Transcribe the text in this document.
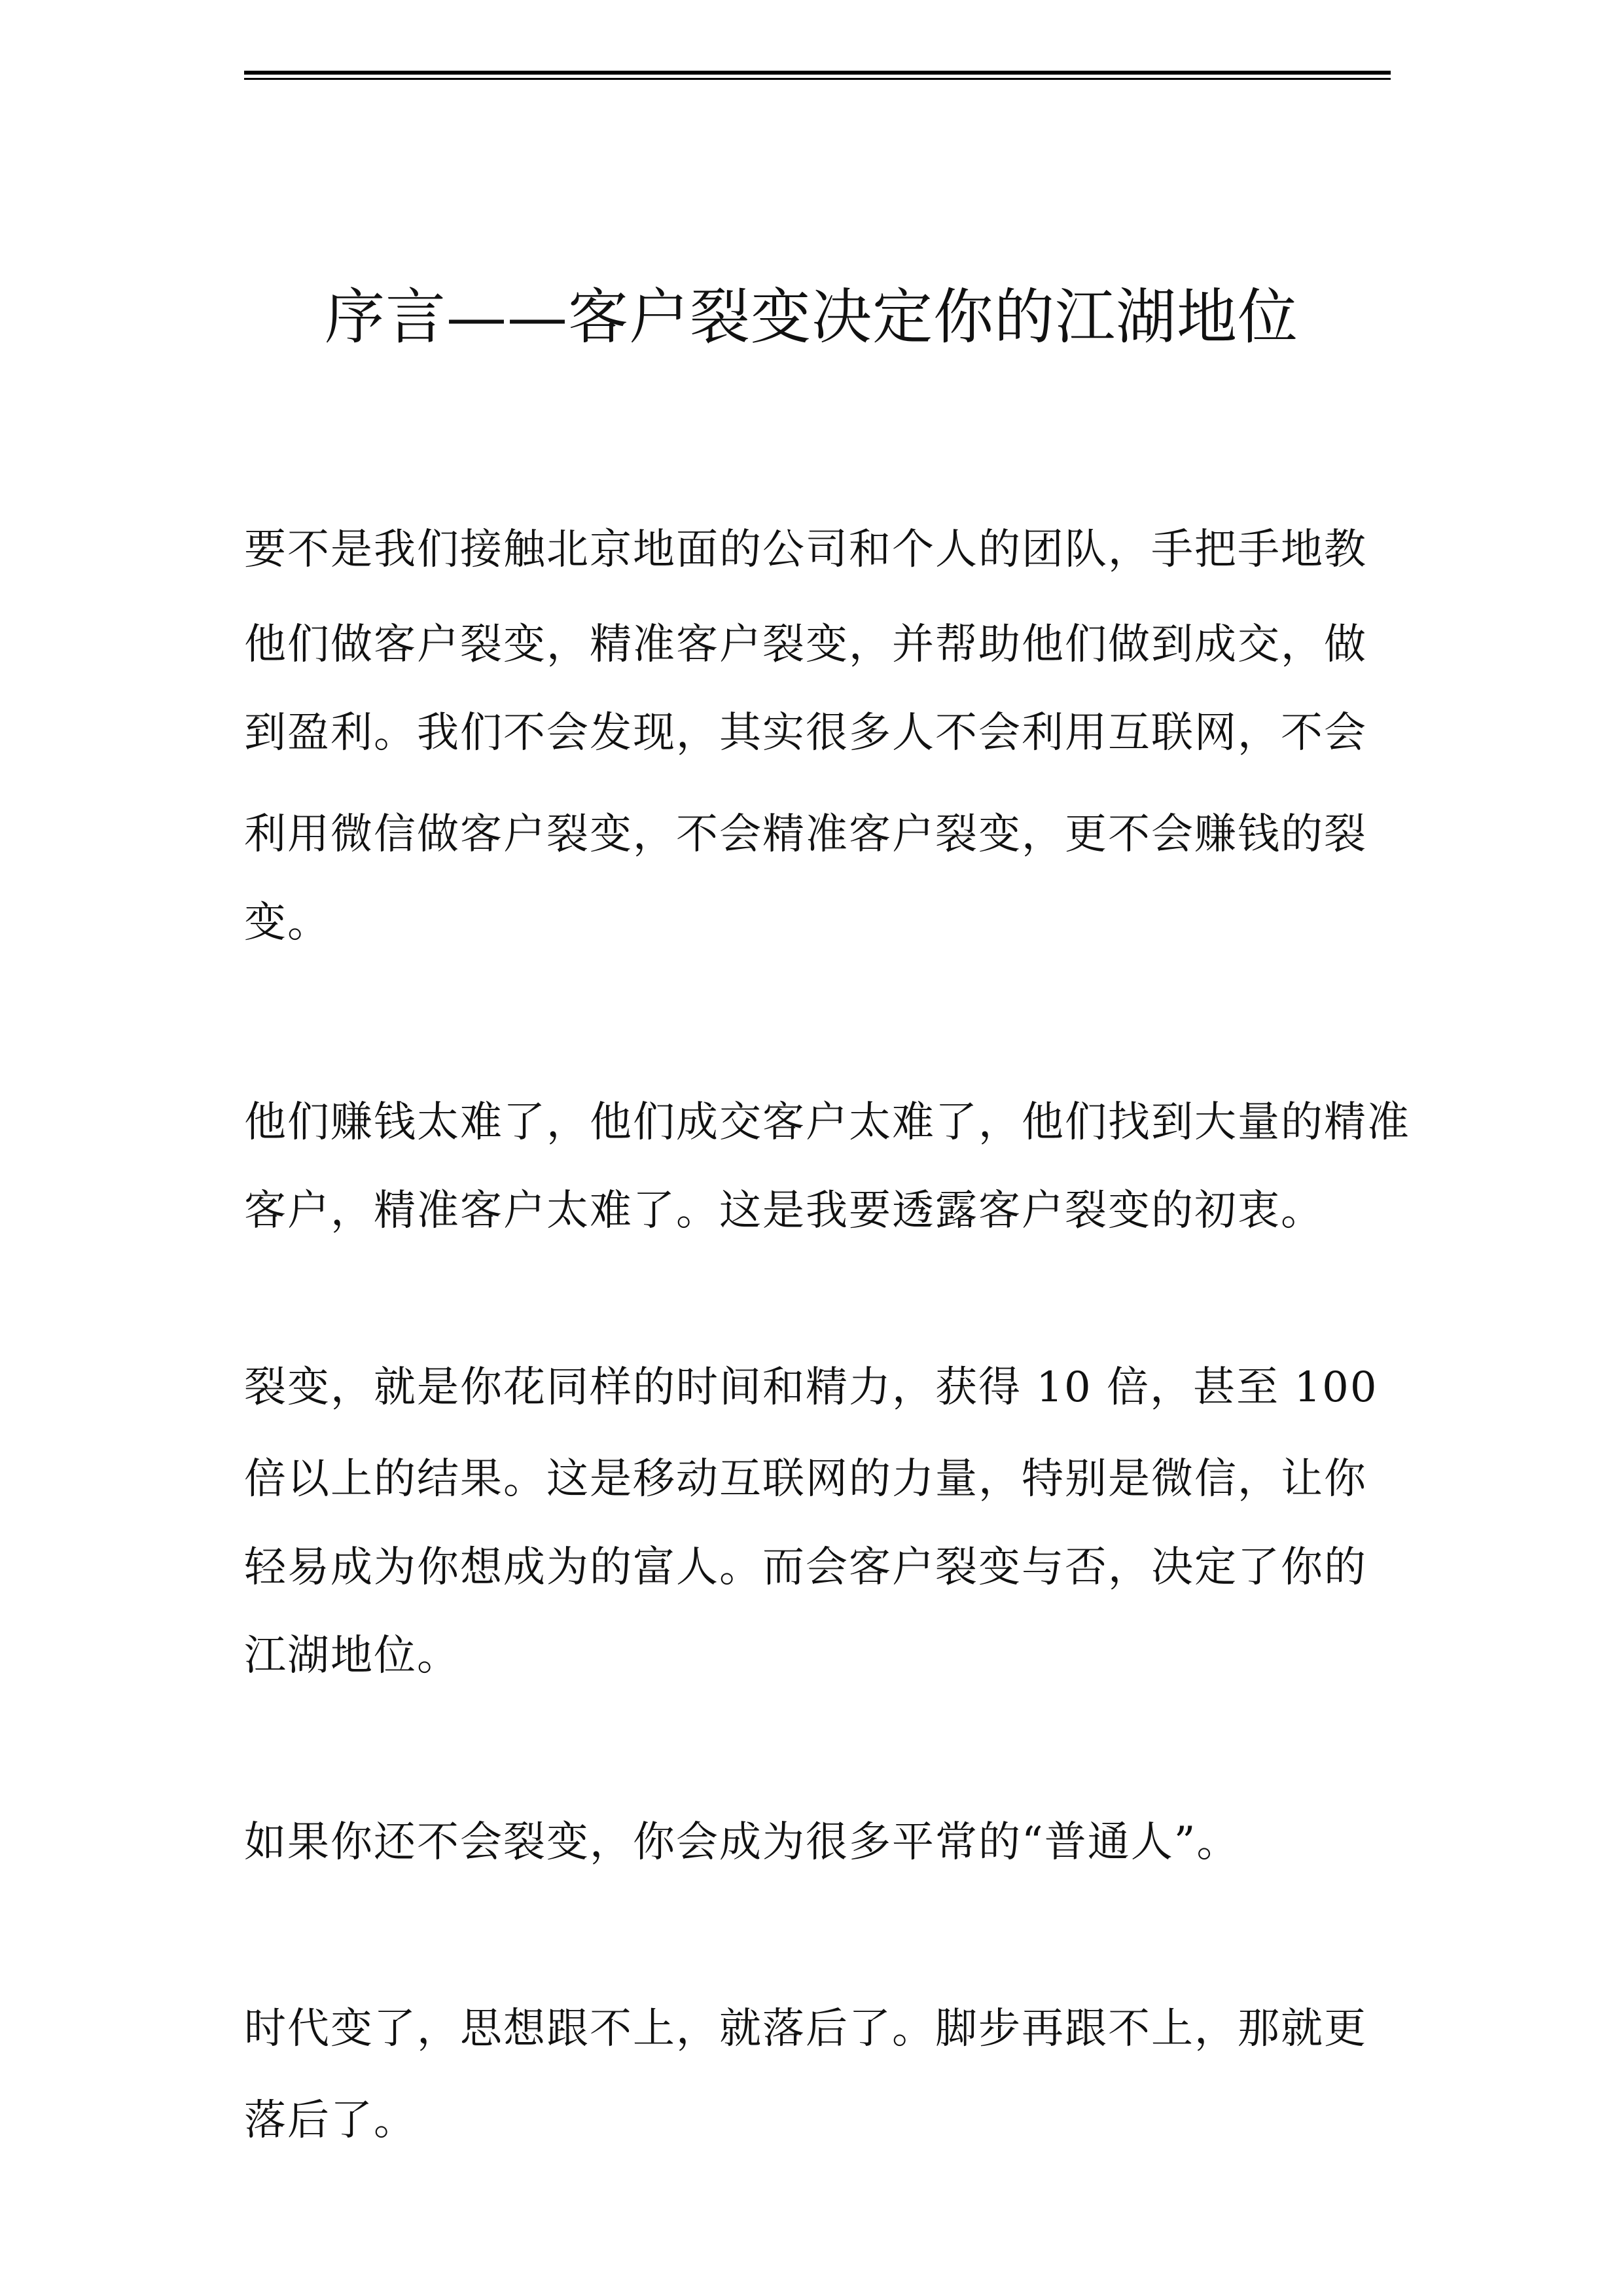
序言——客户裂变决定你的江湖地位
要不是我们接触北京地面的公司和个人的团队，手把手地教
他们做客户裂变，精准客户裂变，并帮助他们做到成交，做
到盈利。我们不会发现，其实很多人不会利用互联网，不会
利用微信做客户裂变，不会精准客户裂变，更不会赚钱的裂
变。
他们赚钱太难了，他们成交客户太难了，他们找到大量的精准
客户，精准客户太难了。这是我要透露客户裂变的初衷。
裂变，就是你花同样的时间和精力，获得 10 倍，甚至 100
倍以上的结果。这是移动互联网的力量，特别是微信，让你
轻易成为你想成为的富人。而会客户裂变与否，决定了你的
江湖地位。
如果你还不会裂变，你会成为很多平常的“普通人”。
时代变了，思想跟不上，就落后了。脚步再跟不上，那就更
落后了。
